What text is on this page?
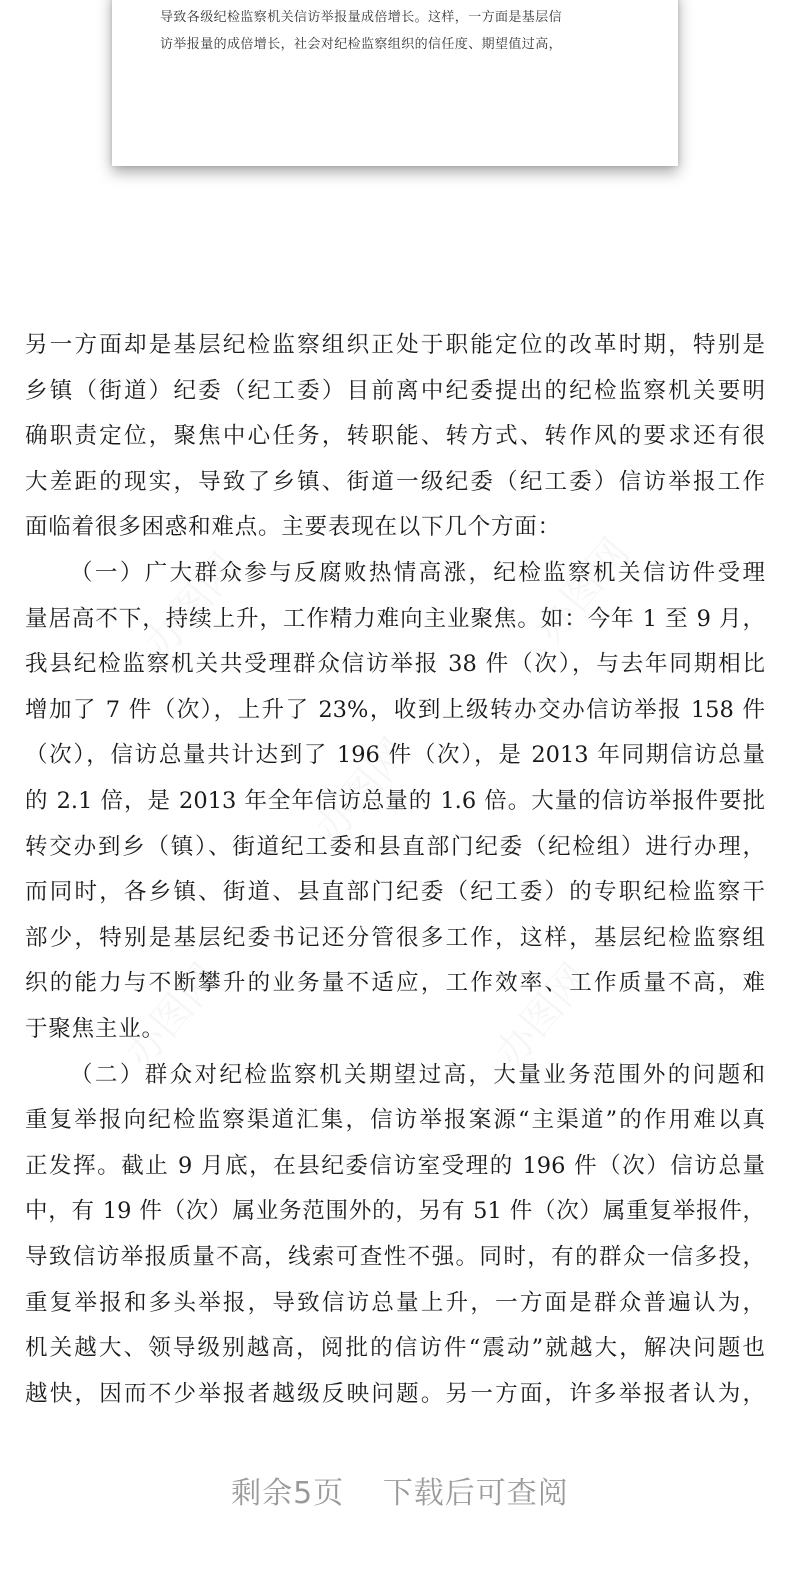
导致各级纪检监察机关信访举报量成倍增长。这样，一方面是基层信
访举报量的成倍增长，社会对纪检监察组织的信任度、期望值过高，
另一方面却是基层纪检监察组织正处于职能定位的改革时期，特别是
乡镇（街道）纪委（纪工委）目前离中纪委提出的纪检监察机关要明
确职责定位，聚焦中心任务，转职能、转方式、转作风的要求还有很
大差距的现实，导致了乡镇、街道一级纪委（纪工委）信访举报工作
面临着很多困惑和难点。主要表现在以下几个方面：
（一）广大群众参与反腐败热情高涨，纪检监察机关信访件受理
量居高不下，持续上升，工作精力难向主业聚焦。如：今年 1 至 9 月，
我县纪检监察机关共受理群众信访举报 38 件（次），与去年同期相比
增加了 7 件（次），上升了 23%，收到上级转办交办信访举报 158 件
（次），信访总量共计达到了 196 件（次），是 2013 年同期信访总量
的 2.1 倍，是 2013 年全年信访总量的 1.6 倍。大量的信访举报件要批
转交办到乡（镇）、街道纪工委和县直部门纪委（纪检组）进行办理，
而同时，各乡镇、街道、县直部门纪委（纪工委）的专职纪检监察干
部少，特别是基层纪委书记还分管很多工作，这样，基层纪检监察组
织的能力与不断攀升的业务量不适应，工作效率、工作质量不高，难
于聚焦主业。
（二）群众对纪检监察机关期望过高，大量业务范围外的问题和
重复举报向纪检监察渠道汇集，信访举报案源“主渠道”的作用难以真
正发挥。截止 9 月底，在县纪委信访室受理的 196 件（次）信访总量
中，有 19 件（次）属业务范围外的，另有 51 件（次）属重复举报件，
导致信访举报质量不高，线索可查性不强。同时，有的群众一信多投，
重复举报和多头举报，导致信访总量上升，一方面是群众普遍认为，
机关越大、领导级别越高，阅批的信访件“震动”就越大，解决问题也
越快，因而不少举报者越级反映问题。另一方面，许多举报者认为，
剩余5页 下载后可查阅
